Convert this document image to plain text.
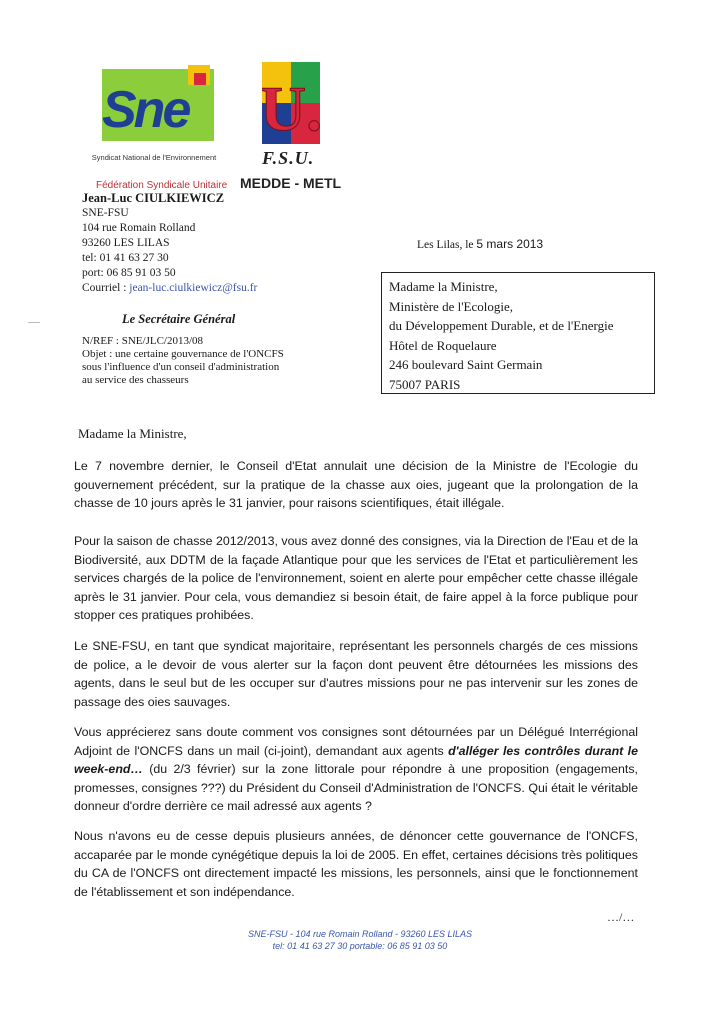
Sne
Syndicat National de l'Environnement
Fédération Syndicale Unitaire
U.
F.S.U.
MEDDE - METL
Jean-Luc CIULKIEWICZ
SNE-FSU
104 rue Romain Rolland
93260 LES LILAS
tel: 01 41 63 27 30
port: 06 85 91 03 50
Courriel : jean-luc.ciulkiewicz@fsu.fr
Le Secrétaire Général
N/REF : SNE/JLC/2013/08
Objet : une certaine gouvernance de l'ONCFS
sous l'influence d'un conseil d'administration
au service des chasseurs
Les Lilas, le 5 mars 2013
Madame la Ministre,
Ministère de l'Ecologie,
du Développement Durable, et de l'Energie
Hôtel de Roquelaure
246 boulevard Saint Germain
75007 PARIS
Madame la Ministre,
Le 7 novembre dernier, le Conseil d'Etat annulait une décision de la Ministre de l'Ecologie du gouvernement précédent, sur la pratique de la chasse aux oies, jugeant que la prolongation de la chasse de 10 jours après le 31 janvier, pour raisons scientifiques, était illégale.
Pour la saison de chasse 2012/2013, vous avez donné des consignes, via la Direction de l'Eau et de la Biodiversité, aux DDTM de la façade Atlantique pour que les services de l'Etat et particulièrement les services chargés de la police de l'environnement, soient en alerte pour empêcher cette chasse illégale après le 31 janvier. Pour cela, vous demandiez si besoin était, de faire appel à la force publique pour stopper ces pratiques prohibées.
Le SNE-FSU, en tant que syndicat majoritaire, représentant les personnels chargés de ces missions de police, a le devoir de vous alerter sur la façon dont peuvent être détournées les missions des agents, dans le seul but de les occuper sur d'autres missions pour ne pas intervenir sur les zones de passage des oies sauvages.
Vous apprécierez sans doute comment vos consignes sont détournées par un Délégué Interrégional Adjoint de l'ONCFS dans un mail (ci-joint), demandant aux agents d'alléger les contrôles durant le week-end… (du 2/3 février) sur la zone littorale pour répondre à une proposition (engagements, promesses, consignes ???) du Président du Conseil d'Administration de l'ONCFS. Qui était le véritable donneur d'ordre derrière ce mail adressé aux agents ?
Nous n'avons eu de cesse depuis plusieurs années, de dénoncer cette gouvernance de l'ONCFS, accaparée par le monde cynégétique depuis la loi de 2005. En effet, certaines décisions très politiques du CA de l'ONCFS ont directement impacté les missions, les personnels, ainsi que le fonctionnement de l'établissement et son indépendance.
…/…
SNE-FSU - 104 rue Romain Rolland - 93260 LES LILAS
tel: 01 41 63 27 30 portable: 06 85 91 03 50
